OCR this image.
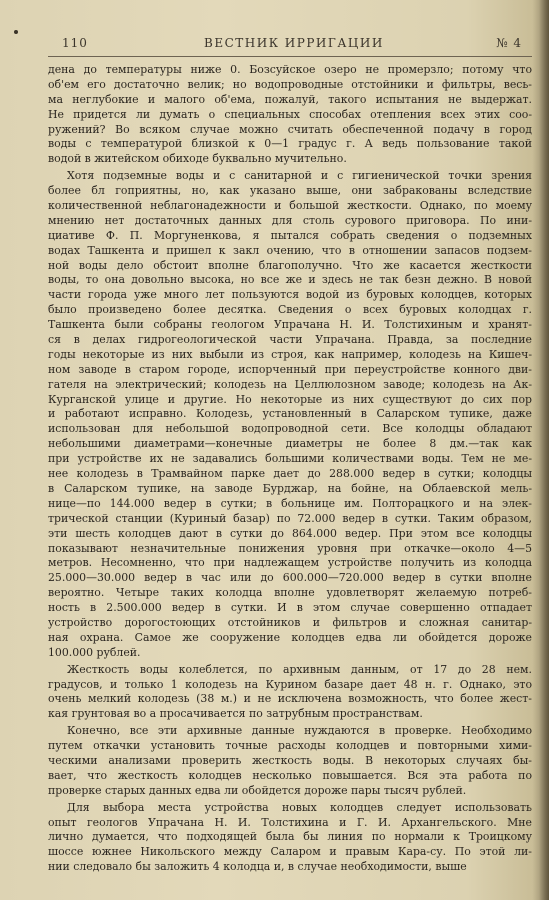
110	ВЕСТНИК ИРРИГАЦИИ	№ 4
дена до температуры ниже 0. Бозсуйское озеро не промерзло; потому что
об'ем его достаточно велик; но водопроводные отстойники и фильтры, весь-
ма неглубокие и малого об'ема, пожалуй, такого испытания не выдержат.
Не придется ли думать о специальных способах отепления всех этих соо-
ружений? Во всяком случае можно считать обеспеченной подачу в город
воды с температурой близкой к 0—1 градус г. А ведь пользование такой
водой в житейском обиходе буквально мучительно.
Хотя подземные воды и с санитарной и с гигиенической точки зрения
более бл гоприятны, но, как указано выше, они забракованы вследствие
количественной неблагонадежности и большой жесткости. Однако, по моему
мнению нет достаточных данных для столь сурового приговора. По ини-
циативе Ф. П. Моргуненкова, я пытался собрать сведения о подземных
водах Ташкента и пришел к закл очению, что в отношении запасов подзем-
ной воды дело обстоит вполне благополучно. Что же касается жесткости
воды, то она довольно высока, но все же и здесь не так безн дежно. В новой
части города уже много лет пользуются водой из буровых колодцев, которых
было произведено более десятка. Сведения о всех буровых колодцах г.
Ташкента были собраны геологом Упрачана Н. И. Толстихиным и хранят-
ся в делах гидрогеологической части Упрачана. Правда, за последние
годы некоторые из них выбыли из строя, как например, колодезь на Кишеч-
ном заводе в старом городе, испорченный при переустройстве конного дви-
гателя на электрический; колодезь на Целлюлозном заводе; колодезь на Ак-
Курганской улице и другие. Но некоторые из них существуют до сих пор
и работают исправно. Колодезь, установленный в Саларском тупике, даже
использован для небольшой водопроводной сети. Все колодцы обладают
небольшими диаметрами—конечные диаметры не более 8 дм.—так как
при устройстве их не задавались большими количествами воды. Тем не ме-
нее колодезь в Трамвайном парке дает до 288.000 ведер в сутки; колодцы
в Саларском тупике, на заводе Бурджар, на бойне, на Облаевской мель-
нице—по 144.000 ведер в сутки; в больнице им. Полторацкого и на элек-
трической станции (Куриный базар) по 72.000 ведер в сутки. Таким образом,
эти шесть колодцев дают в сутки до 864.000 ведер. При этом все колодцы
показывают незначительные понижения уровня при откачке—около 4—5
метров. Несомненно, что при надлежащем устройстве получить из колодца
25.000—30.000 ведер в час или до 600.000—720.000 ведер в сутки вполне
вероятно. Четыре таких колодца вполне удовлетворят желаемую потреб-
ность в 2.500.000 ведер в сутки. И в этом случае совершенно отпадает
устройство дорогостоющих отстойников и фильтров и сложная санитар-
ная охрана. Самое же сооружение колодцев едва ли обойдется дороже
100.000 рублей.
Жесткость воды колеблется, по архивным данным, от 17 до 28 нем.
градусов, и только 1 колодезь на Курином базаре дает 48 н. г. Однако, это
очень мелкий колодезь (38 м.) и не исключена возможность, что более жест-
кая грунтовая во а просачивается по затрубным пространствам.
Конечно, все эти архивные данные нуждаются в проверке. Необходимо
путем откачки установить точные расходы колодцев и повторными хими-
ческими анализами проверить жесткость воды. В некоторых случаях бы-
вает, что жесткость колодцев несколько повышается. Вся эта работа по
проверке старых данных едва ли обойдется дороже пары тысяч рублей.
Для выбора места устройства новых колодцев следует использовать
опыт геологов Упрачана Н. И. Толстихина и Г. И. Архангельского. Мне
лично думается, что подходящей была бы линия по нормали к Троицкому
шоссе южнее Никольского между Саларом и правым Кара-су. По этой ли-
нии следовало бы заложить 4 колодца и, в случае необходимости, выше
